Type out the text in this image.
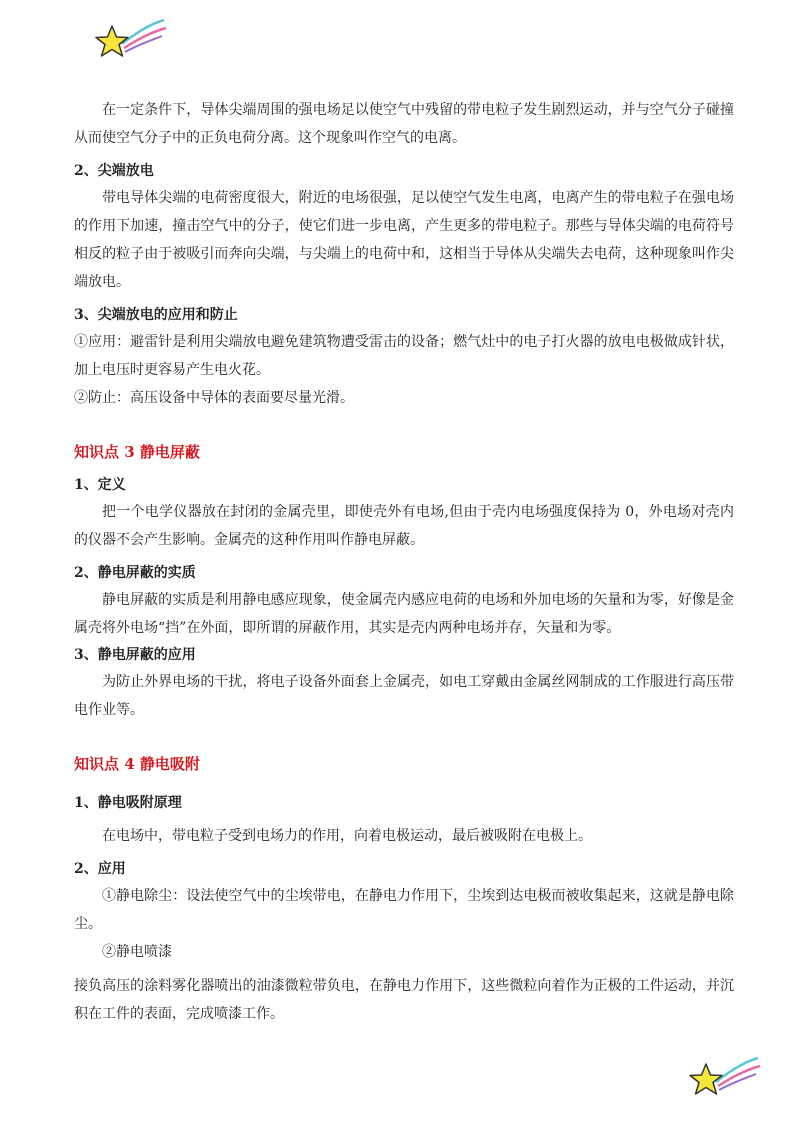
在一定条件下，导体尖端周围的强电场足以使空气中残留的带电粒子发生剧烈运动，并与空气分子碰撞从而使空气分子中的正负电荷分离。这个现象叫作空气的电离。

2、尖端放电

带电导体尖端的电荷密度很大，附近的电场很强，足以使空气发生电离，电离产生的带电粒子在强电场的作用下加速，撞击空气中的分子，使它们进一步电离，产生更多的带电粒子。那些与导体尖端的电荷符号相反的粒子由于被吸引而奔向尖端，与尖端上的电荷中和，这相当于导体从尖端失去电荷，这种现象叫作尖端放电。

3、尖端放电的应用和防止

①应用：避雷针是利用尖端放电避免建筑物遭受雷击的设备；燃气灶中的电子打火器的放电电极做成针状，加上电压时更容易产生电火花。

②防止：高压设备中导体的表面要尽量光滑。

知识点 3 静电屏蔽

1、定义

把一个电学仪器放在封闭的金属壳里，即使壳外有电场,但由于壳内电场强度保持为 0，外电场对壳内的仪器不会产生影响。金属壳的这种作用叫作静电屏蔽。

2、静电屏蔽的实质

静电屏蔽的实质是利用静电感应现象，使金属壳内感应电荷的电场和外加电场的矢量和为零，好像是金属壳将外电场“挡”在外面，即所谓的屏蔽作用，其实是壳内两种电场并存，矢量和为零。

3、静电屏蔽的应用

为防止外界电场的干扰，将电子设备外面套上金属壳，如电工穿戴由金属丝网制成的工作服进行高压带电作业等。

知识点 4 静电吸附

1、静电吸附原理

在电场中，带电粒子受到电场力的作用，向着电极运动，最后被吸附在电极上。

2、应用

①静电除尘：设法使空气中的尘埃带电，在静电力作用下，尘埃到达电极而被收集起来，这就是静电除尘。

②静电喷漆

接负高压的涂料雾化器喷出的油漆微粒带负电，在静电力作用下，这些微粒向着作为正极的工件运动，并沉积在工件的表面，完成喷漆工作。
